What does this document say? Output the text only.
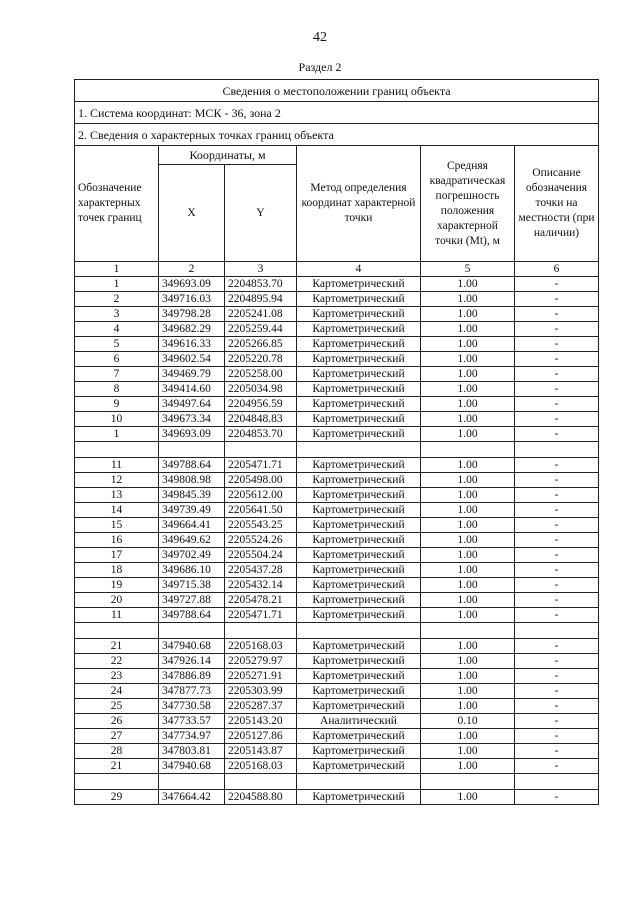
42
Раздел 2
Сведения о местоположении границ объекта					
1. Система координат: МСК - 36, зона 2					
2. Сведения о характерных точках границ объекта					
Обозначение характерных точек границ	Координаты, м		Метод определения координат характерной точки	Средняя квадратическая погрешность положения характерной точки (Mt), м	Описание обозначения точки на местности (при наличии)
	X	Y			
1	2	3	4	5	6
1	349693.09	2204853.70	Картометрический	1.00	-
2	349716.03	2204895.94	Картометрический	1.00	-
3	349798.28	2205241.08	Картометрический	1.00	-
4	349682.29	2205259.44	Картометрический	1.00	-
5	349616.33	2205266.85	Картометрический	1.00	-
6	349602.54	2205220.78	Картометрический	1.00	-
7	349469.79	2205258.00	Картометрический	1.00	-
8	349414.60	2205034.98	Картометрический	1.00	-
9	349497.64	2204956.59	Картометрический	1.00	-
10	349673.34	2204848.83	Картометрический	1.00	-
1	349693.09	2204853.70	Картометрический	1.00	-

11	349788.64	2205471.71	Картометрический	1.00	-
12	349808.98	2205498.00	Картометрический	1.00	-
13	349845.39	2205612.00	Картометрический	1.00	-
14	349739.49	2205641.50	Картометрический	1.00	-
15	349664.41	2205543.25	Картометрический	1.00	-
16	349649.62	2205524.26	Картометрический	1.00	-
17	349702.49	2205504.24	Картометрический	1.00	-
18	349686.10	2205437.28	Картометрический	1.00	-
19	349715.38	2205432.14	Картометрический	1.00	-
20	349727.88	2205478.21	Картометрический	1.00	-
11	349788.64	2205471.71	Картометрический	1.00	-

21	347940.68	2205168.03	Картометрический	1.00	-
22	347926.14	2205279.97	Картометрический	1.00	-
23	347886.89	2205271.91	Картометрический	1.00	-
24	347877.73	2205303.99	Картометрический	1.00	-
25	347730.58	2205287.37	Картометрический	1.00	-
26	347733.57	2205143.20	Аналитический	0.10	-
27	347734.97	2205127.86	Картометрический	1.00	-
28	347803.81	2205143.87	Картометрический	1.00	-
21	347940.68	2205168.03	Картометрический	1.00	-

29	347664.42	2204588.80	Картометрический	1.00	-
